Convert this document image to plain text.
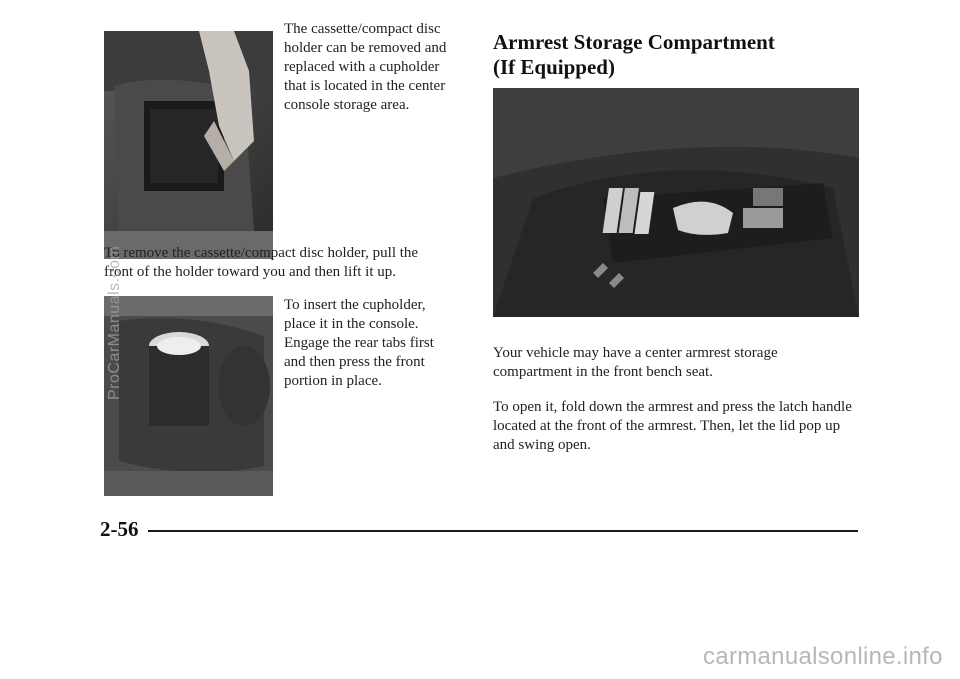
The cassette/compact disc holder can be removed and replaced with a cupholder that is located in the center console storage area.
To remove the cassette/compact disc holder, pull the front of the holder toward you and then lift it up.
To insert the cupholder, place it in the console. Engage the rear tabs first and then press the front portion in place.
Armrest Storage Compartment
(If Equipped)
Your vehicle may have a center armrest storage compartment in the front bench seat.
To open it, fold down the armrest and press the latch handle located at the front of the armrest. Then, let the lid pop up and swing open.
2-56
ProCarManuals.com
carmanualsonline.info
